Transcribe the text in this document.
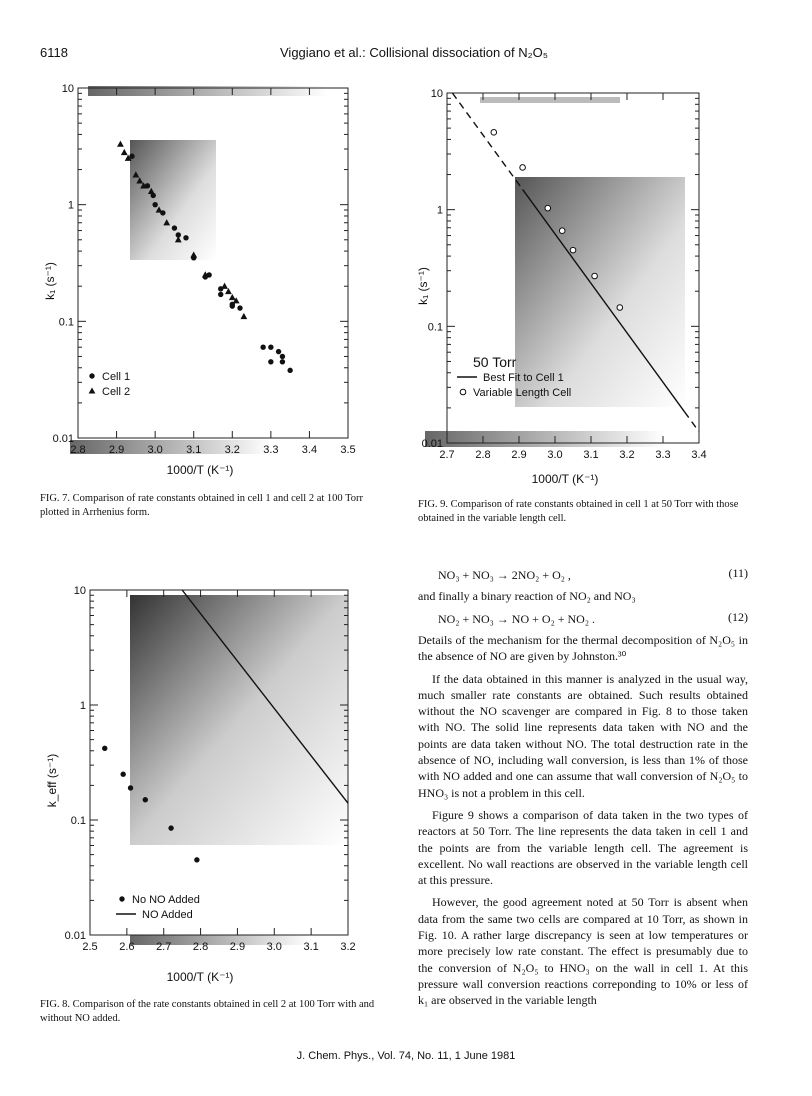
6118	Viggiano et al.: Collisional dissociation of N₂O₅
0.01
0.1
1
10
2.8 2.9 3.0 3.1 3.2 3.3 3.4 3.5
k₁ (s⁻¹)
Cell 1
Cell 2
1000/T (K⁻¹)
FIG. 7. Comparison of rate constants obtained in cell 1 and cell 2 at 100 Torr plotted in Arrhenius form.
0.01
0.1
1
10
2.7 2.8 2.9 3.0 3.1 3.2 3.3 3.4
k₁ (s⁻¹)
50 Torr
Best Fit to Cell 1
Variable Length Cell
1000/T (K⁻¹)
FIG. 9. Comparison of rate constants obtained in cell 1 at 50 Torr with those obtained in the variable length cell.
0.01
0.1
1
10
2.5 2.6 2.7 2.8 2.9 3.0 3.1 3.2
k_eff (s⁻¹)
No NO Added
NO Added
1000/T (K⁻¹)
FIG. 8. Comparison of the rate constants obtained in cell 2 at 100 Torr with and without NO added.
NO₃ + NO₃ → 2NO₂ + O₂ ,	(11)
and finally a binary reaction of NO₂ and NO₃
NO₂ + NO₃ → NO + O₂ + NO₂ .	(12)

Details of the mechanism for the thermal decomposition of N₂O₅ in the absence of NO are given by Johnston.³⁰

If the data obtained in this manner is analyzed in the usual way, much smaller rate constants are obtained. Such results obtained without the NO scavenger are compared in Fig. 8 to those taken with NO. The solid line represents data taken with NO and the points are data taken without NO. The total destruction rate in the absence of NO, including wall conversion, is less than 1% of those with NO added and one can assume that wall conversion of N₂O₅ to HNO₃ is not a problem in this cell.

Figure 9 shows a comparison of data taken in the two types of reactors at 50 Torr. The line represents the data taken in cell 1 and the points are from the variable length cell. The agreement is excellent. No wall reactions are observed in the variable length cell at this pressure.

However, the good agreement noted at 50 Torr is absent when data from the same two cells are compared at 10 Torr, as shown in Fig. 10. A rather large discrepancy is seen at low temperatures or more precisely low rate constant. The effect is presumably due to the conversion of N₂O₅ to HNO₃ on the wall in cell 1. At this pressure wall conversion reactions correponding to 10% or less of k₁ are observed in the variable length

J. Chem. Phys., Vol. 74, No. 11, 1 June 1981
